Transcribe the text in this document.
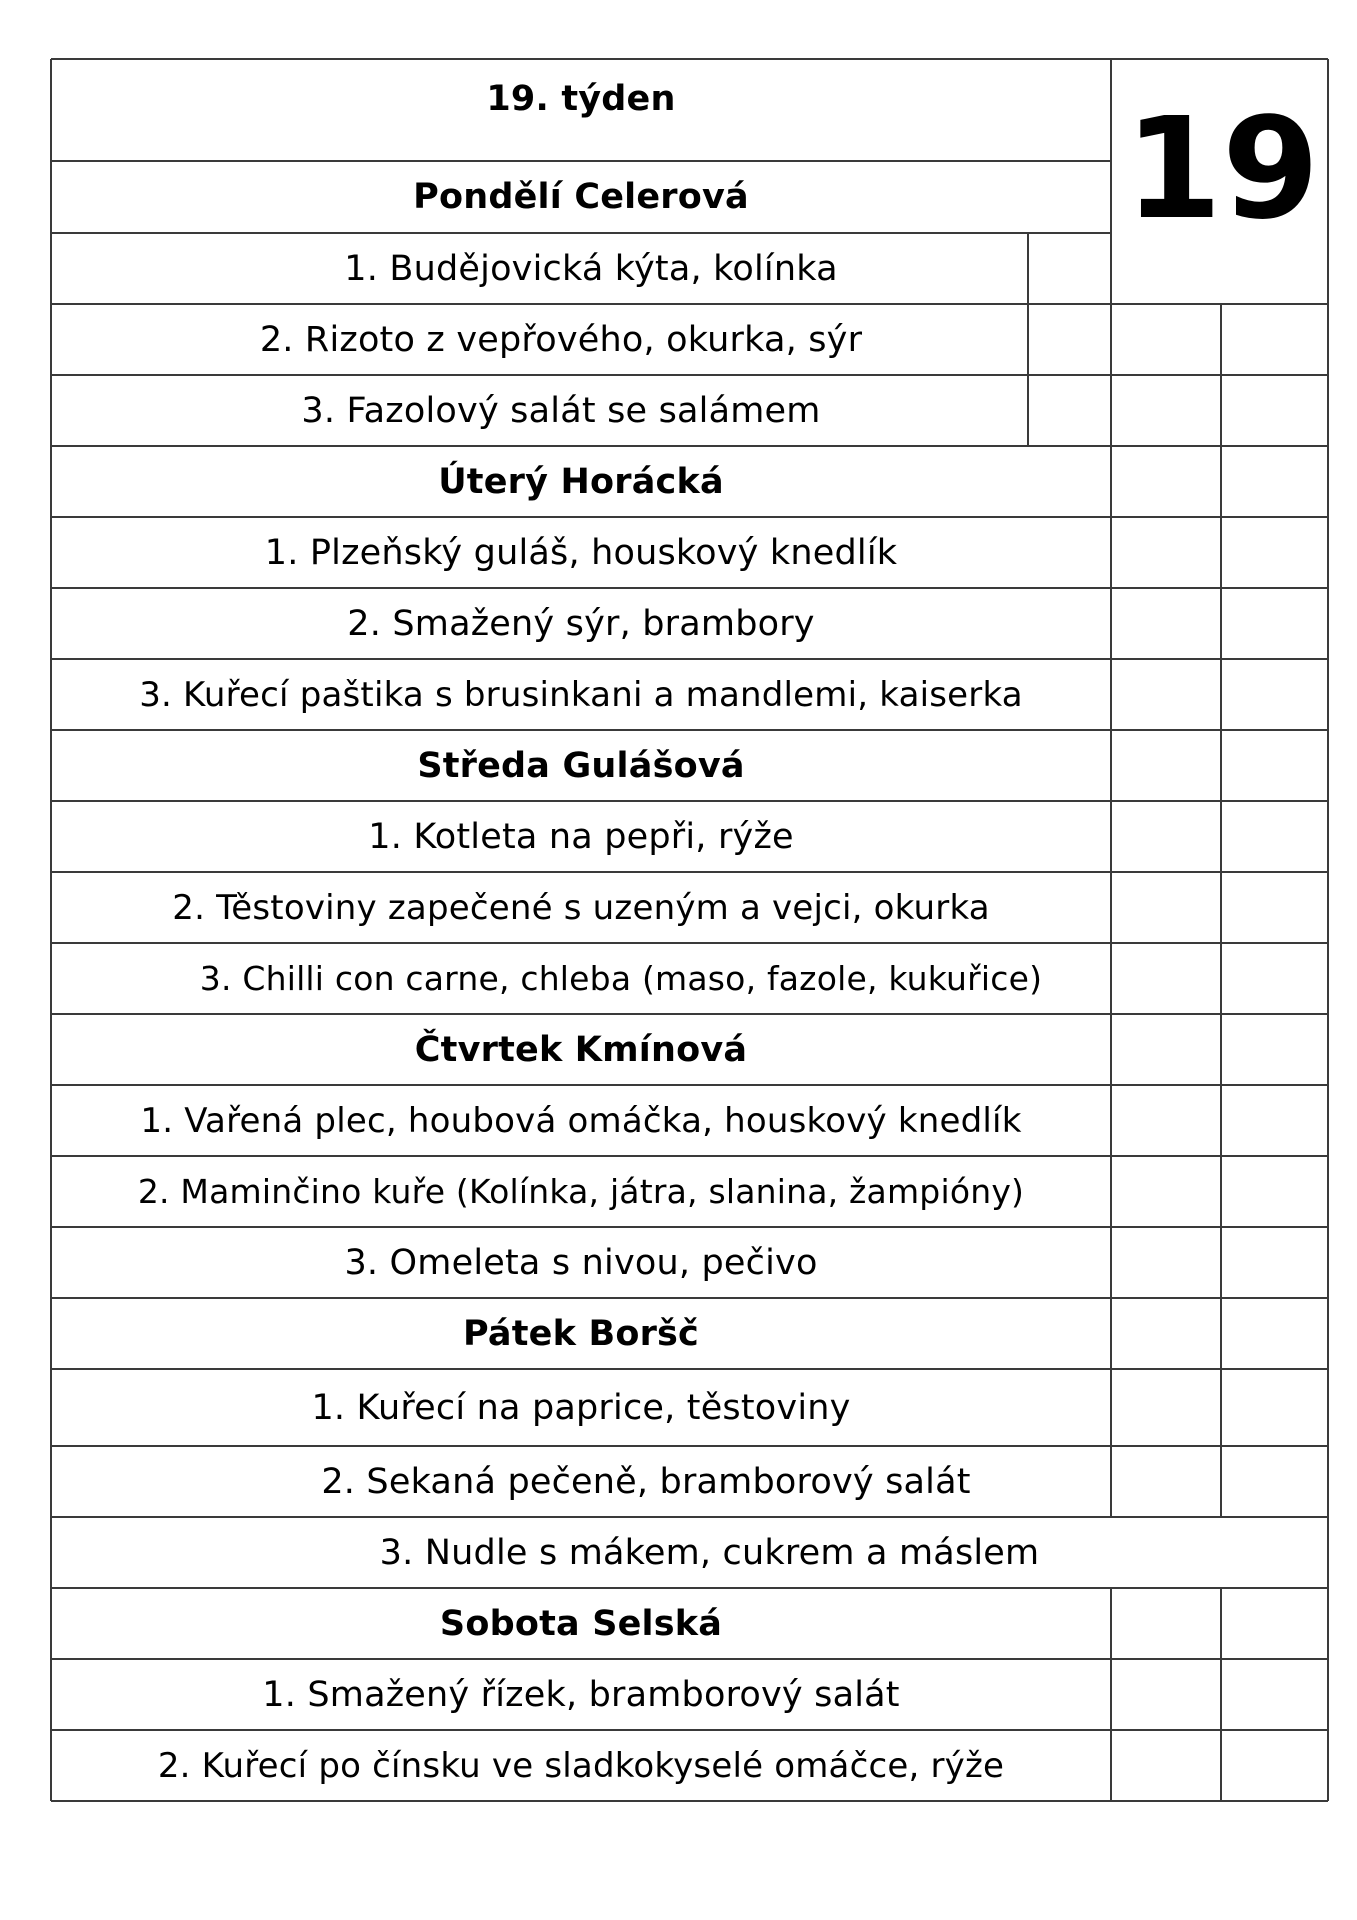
19
19. týden
Pondělí Celerová
1. Budějovická kýta, kolínka
2. Rizoto z vepřového, okurka, sýr
3. Fazolový salát se salámem
Úterý Horácká
1. Plzeňský guláš, houskový knedlík
2. Smažený sýr, brambory
3. Kuřecí paštika s brusinkani a mandlemi, kaiserka
Středa Gulášová
1. Kotleta na pepři, rýže
2. Těstoviny zapečené s uzeným a vejci, okurka
3. Chilli con carne, chleba (maso, fazole, kukuřice)
Čtvrtek Kmínová
1. Vařená plec, houbová omáčka, houskový knedlík
2. Maminčino kuře (Kolínka, játra, slanina, žampióny)
3. Omeleta s nivou, pečivo
Pátek Boršč
1. Kuřecí na paprice, těstoviny
2. Sekaná pečeně, bramborový salát
3. Nudle s mákem, cukrem a máslem
Sobota Selská
1. Smažený řízek, bramborový salát
2. Kuřecí po čínsku ve sladkokyselé omáčce, rýže
